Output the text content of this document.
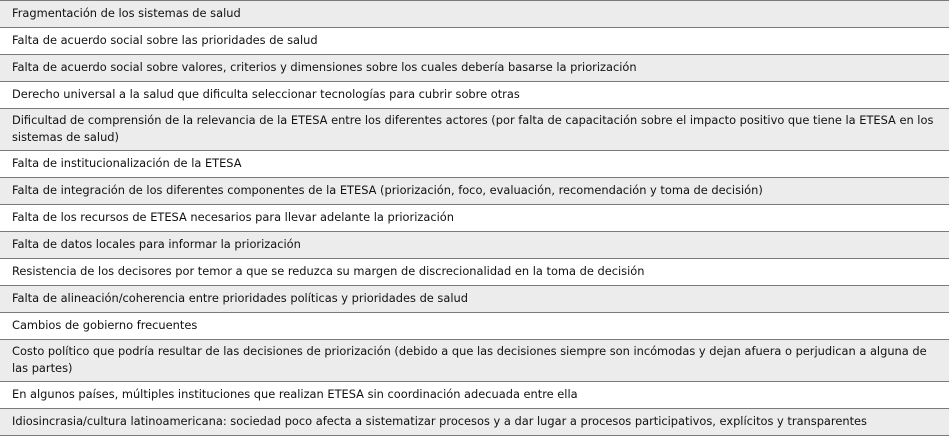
Fragmentación de los sistemas de salud
Falta de acuerdo social sobre las prioridades de salud
Falta de acuerdo social sobre valores, criterios y dimensiones sobre los cuales debería basarse la priorización
Derecho universal a la salud que dificulta seleccionar tecnologías para cubrir sobre otras
Dificultad de comprensión de la relevancia de la ETESA entre los diferentes actores (por falta de capacitación sobre el impacto positivo que tiene la ETESA en los sistemas de salud)
Falta de institucionalización de la ETESA
Falta de integración de los diferentes componentes de la ETESA (priorización, foco, evaluación, recomendación y toma de decisión)
Falta de los recursos de ETESA necesarios para llevar adelante la priorización
Falta de datos locales para informar la priorización
Resistencia de los decisores por temor a que se reduzca su margen de discrecionalidad en la toma de decisión
Falta de alineación/coherencia entre prioridades políticas y prioridades de salud
Cambios de gobierno frecuentes
Costo político que podría resultar de las decisiones de priorización (debido a que las decisiones siempre son incómodas y dejan afuera o perjudican a alguna de las partes)
En algunos países, múltiples instituciones que realizan ETESA sin coordinación adecuada entre ella
Idiosincrasia/cultura latinoamericana: sociedad poco afecta a sistematizar procesos y a dar lugar a procesos participativos, explícitos y transparentes
